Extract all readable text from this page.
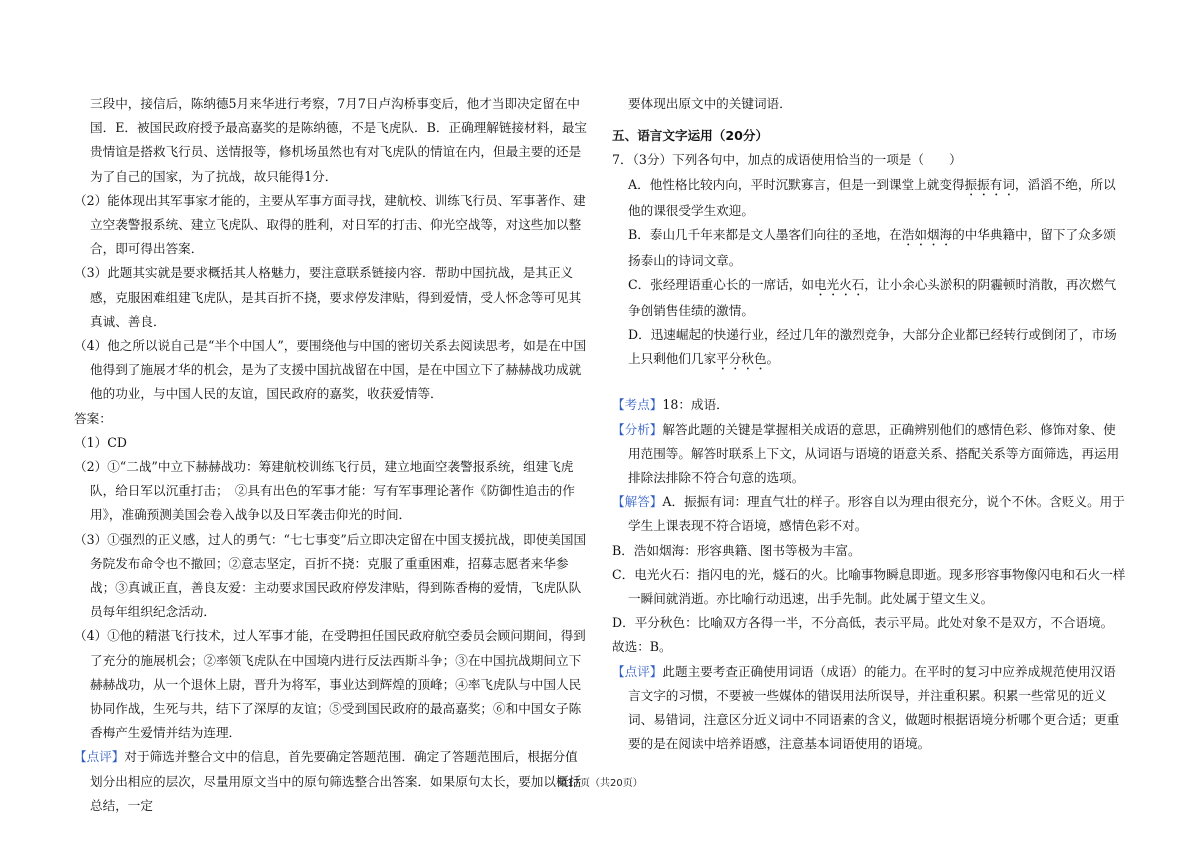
三段中，接信后，陈纳德5月来华进行考察，7月7日卢沟桥事变后，他才当即决定留在中国．E．被国民政府授予最高嘉奖的是陈纳德，不是飞虎队．B．正确理解链接材料，最宝贵情谊是搭救飞行员、送情报等，修机场虽然也有对飞虎队的情谊在内，但最主要的还是为了自己的国家，为了抗战，故只能得1分．

（2）能体现出其军事家才能的，主要从军事方面寻找，建航校、训练飞行员、军事著作、建立空袭警报系统、建立飞虎队、取得的胜利，对日军的打击、仰光空战等，对这些加以整合，即可得出答案．

（3）此题其实就是要求概括其人格魅力，要注意联系链接内容．帮助中国抗战，是其正义感，克服困难组建飞虎队，是其百折不挠，要求停发津贴，得到爱情，受人怀念等可见其真诚、善良．

（4）他之所以说自己是“半个中国人”，要围绕他与中国的密切关系去阅读思考，如是在中国他得到了施展才华的机会，是为了支援中国抗战留在中国，是在中国立下了赫赫战功成就他的功业，与中国人民的友谊，国民政府的嘉奖，收获爱情等．

答案：

（1）CD

（2）①“二战”中立下赫赫战功：筹建航校训练飞行员，建立地面空袭警报系统，组建飞虎队，给日军以沉重打击；　②具有出色的军事才能：写有军事理论著作《防御性追击的作用》，准确预测美国会卷入战争以及日军袭击仰光的时间．

（3）①强烈的正义感，过人的勇气：“七七事变”后立即决定留在中国支援抗战，即使美国国务院发布命令也不撤回；②意志坚定，百折不挠：克服了重重困难，招募志愿者来华参战；③真诚正直，善良友爱：主动要求国民政府停发津贴，得到陈香梅的爱情，飞虎队队员每年组织纪念活动．

（4）①他的精湛飞行技术，过人军事才能，在受聘担任国民政府航空委员会顾问期间，得到了充分的施展机会；②率领飞虎队在中国境内进行反法西斯斗争；③在中国抗战期间立下赫赫战功，从一个退休上尉，晋升为将军，事业达到辉煌的顶峰；④率飞虎队与中国人民协同作战，生死与共，结下了深厚的友谊；⑤受到国民政府的最高嘉奖；⑥和中国女子陈香梅产生爱情并结为连理．

【点评】对于筛选并整合文中的信息，首先要确定答题范围．确定了答题范围后，根据分值划分出相应的层次，尽量用原文当中的原句筛选整合出答案．如果原句太长，要加以概括总结，一定

要体现出原文中的关键词语．

五、语言文字运用（20分）

7．（3分）下列各句中，加点的成语使用恰当的一项是（　　）

A．他性格比较内向，平时沉默寡言，但是一到课堂上就变得振振有词，滔滔不绝，所以他的课很受学生欢迎。

B．泰山几千年来都是文人墨客们向往的圣地，在浩如烟海的中华典籍中，留下了众多颂扬泰山的诗词文章。

C．张经理语重心长的一席话，如电光火石，让小余心头淤积的阴霾顿时消散，再次燃气争创销售佳绩的激情。

D．迅速崛起的快递行业，经过几年的激烈竞争，大部分企业都已经转行或倒闭了，市场上只剩他们几家平分秋色。

【考点】18：成语．

【分析】解答此题的关键是掌握相关成语的意思，正确辨别他们的感情色彩、修饰对象、使用范围等。解答时联系上下文，从词语与语境的语意关系、搭配关系等方面筛选，再运用排除法排除不符合句意的选项。

【解答】A．振振有词：理直气壮的样子。形容自以为理由很充分，说个不休。含贬义。用于学生上课表现不符合语境，感情色彩不对。

B．浩如烟海：形容典籍、图书等极为丰富。

C．电光火石：指闪电的光，燧石的火。比喻事物瞬息即逝。现多形容事物像闪电和石火一样一瞬间就消逝。亦比喻行动迅速，出手先制。此处属于望文生义。

D．平分秋色：比喻双方各得一半，不分高低，表示平局。此处对象不是双方，不合语境。

故选：B。

【点评】此题主要考查正确使用词语（成语）的能力。在平时的复习中应养成规范使用汉语言文字的习惯，不要被一些媒体的错误用法所误导，并注重积累。积累一些常见的近义词、易错词，注意区分近义词中不同语素的含义，做题时根据语境分析哪个更合适；更重要的是在阅读中培养语感，注意基本词语使用的语境。

第17页（共20页）
